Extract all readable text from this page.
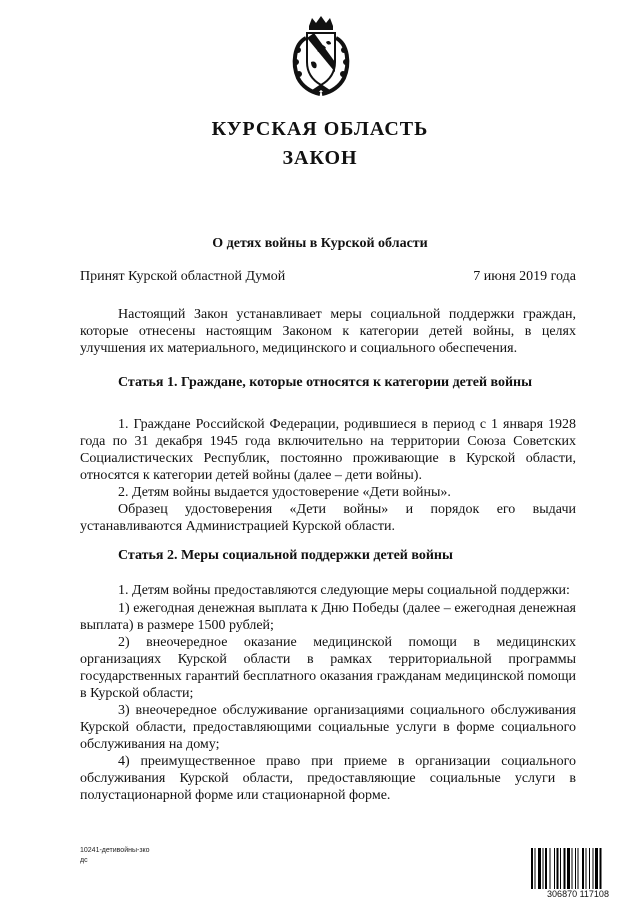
КУРСКАЯ ОБЛАСТЬ
ЗАКОН
О детях войны в Курской области
Принят Курской областной Думой	7 июня 2019 года

Настоящий Закон устанавливает меры социальной поддержки граждан, которые отнесены настоящим Законом к категории детей войны, в целях улучшения их материального, медицинского и социального обеспечения.

Статья 1. Граждане, которые относятся к категории детей войны

1. Граждане Российской Федерации, родившиеся в период с 1 января 1928 года по 31 декабря 1945 года включительно на территории Союза Советских Социалистических Республик, постоянно проживающие в Курской области, относятся к категории детей войны (далее – дети войны).

2. Детям войны выдается удостоверение «Дети войны».

Образец удостоверения «Дети войны» и порядок его выдачи устанавливаются Администрацией Курской области.

Статья 2. Меры социальной поддержки детей войны

1. Детям войны предоставляются следующие меры социальной поддержки:

1) ежегодная денежная выплата к Дню Победы (далее – ежегодная денежная выплата) в размере 1500 рублей;

2) внеочередное оказание медицинской помощи в медицинских организациях Курской области в рамках территориальной программы государственных гарантий бесплатного оказания гражданам медицинской помощи в Курской области;

3) внеочередное обслуживание организациями социального обслуживания Курской области, предоставляющими социальные услуги в форме социального обслуживания на дому;

4) преимущественное право при приеме в организации социального обслуживания Курской области, предоставляющие социальные услуги в полустационарной форме или стационарной форме.

10241-детивойны-зко
дс
306870 117108
